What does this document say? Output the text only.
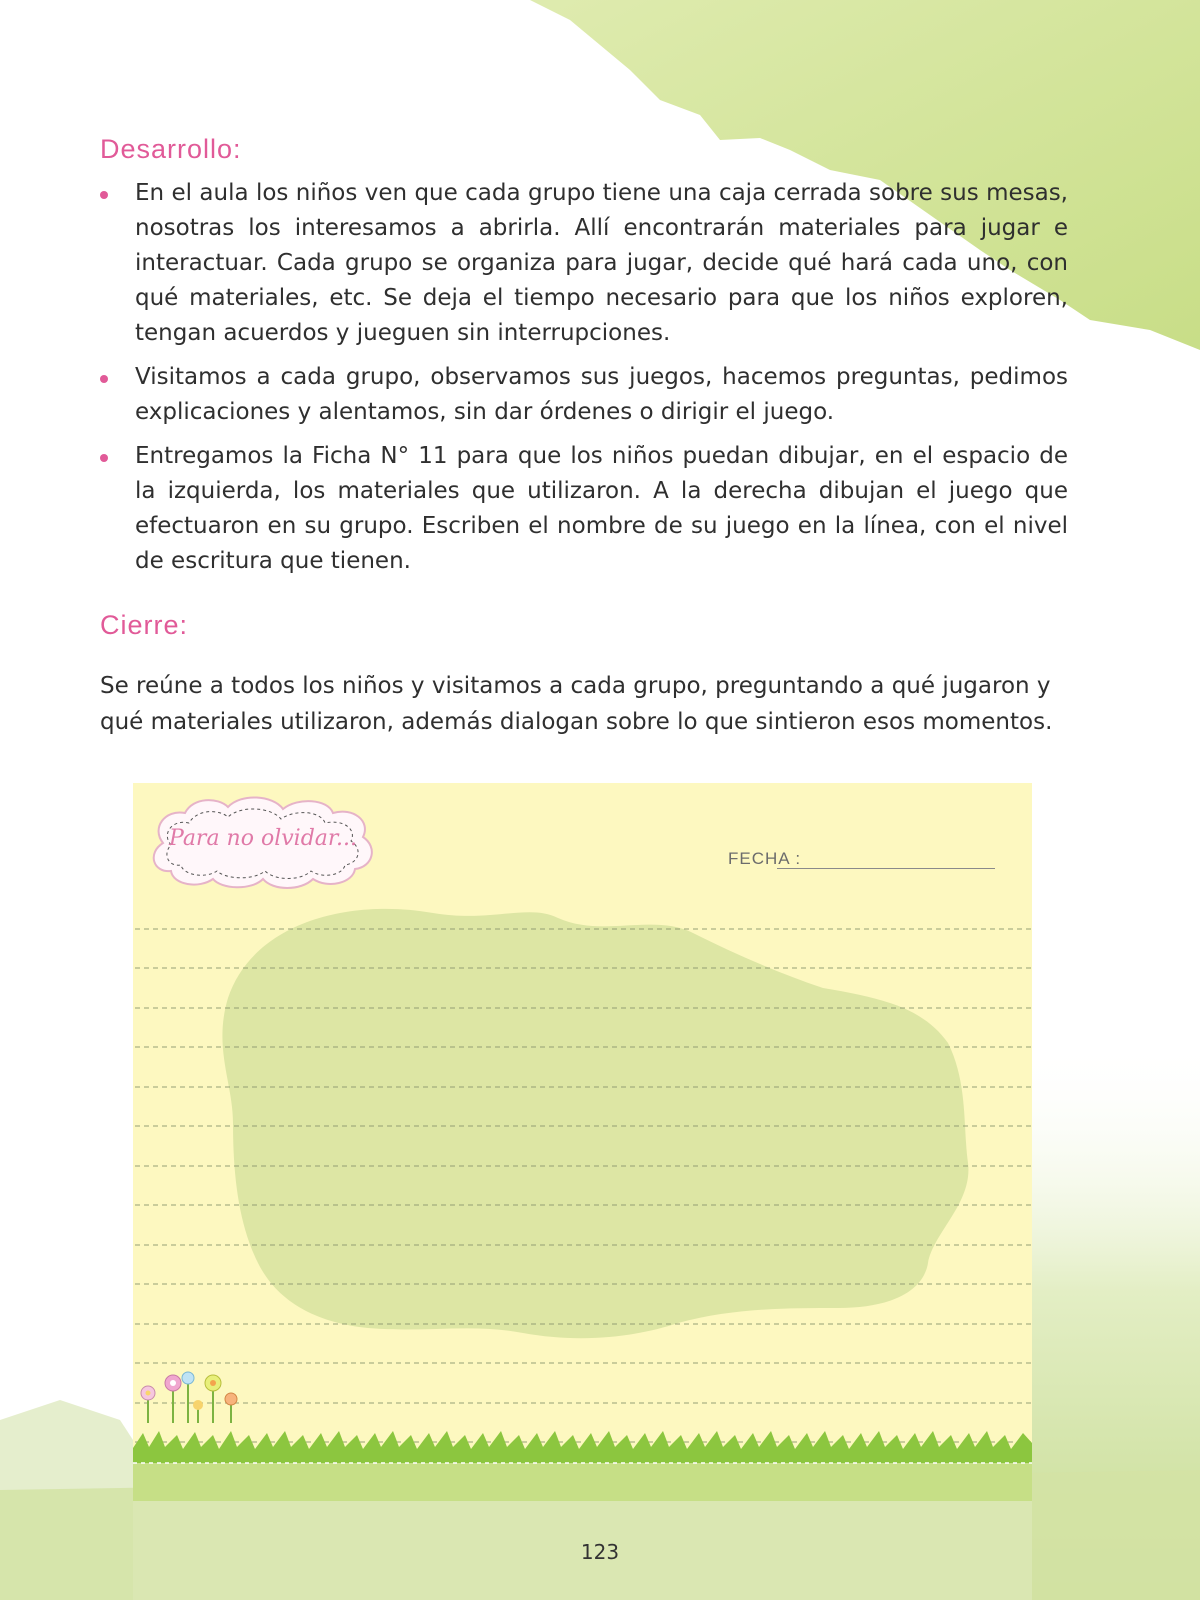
Desarrollo:
En el aula los niños ven que cada grupo tiene una caja cerrada sobre sus mesas, nosotras los interesamos a abrirla. Allí encontrarán materiales para jugar e interactuar. Cada grupo se organiza para jugar, decide qué hará cada uno, con qué materiales, etc. Se deja el tiempo necesario para que los niños exploren, tengan acuerdos y jueguen sin interrupciones.
Visitamos a cada grupo, observamos sus juegos, hacemos preguntas, pedimos explicaciones y alentamos, sin dar órdenes o dirigir el juego.
Entregamos la Ficha N° 11 para que los niños puedan dibujar, en el espacio de la izquierda, los materiales que utilizaron. A la derecha dibujan el juego que efectuaron en su grupo. Escriben el nombre de su juego en la línea, con el nivel de escritura que tienen.
Cierre:

Se reúne a todos los niños y visitamos a cada grupo, preguntando a qué jugaron y qué materiales utilizaron, además dialogan sobre lo que sintieron esos momentos.

Para no olvidar...
FECHA :
123
